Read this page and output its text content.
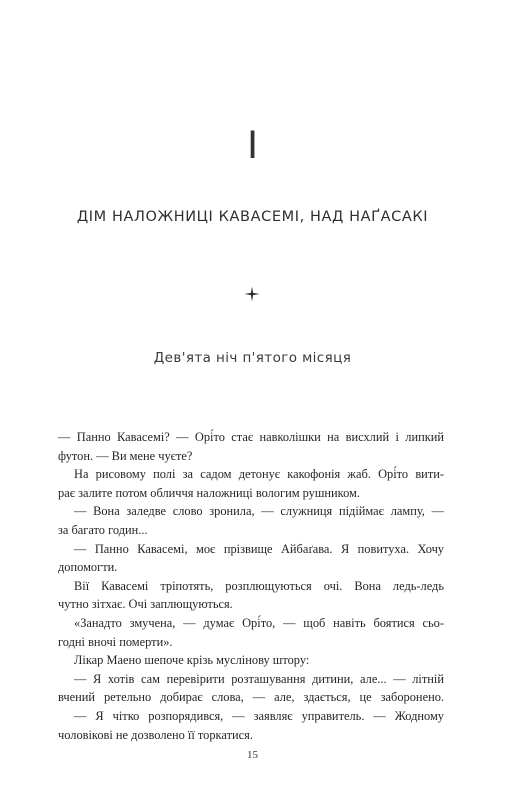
I
ДІМ НАЛОЖНИЦІ КАВАСЕМІ, НАД НАҐАСАКІ
Дев'ята ніч п'ятого місяця
— Панно Кавасемі? — Орі́то стає навколішки на висхлий і липкий
футон. — Ви мене чуєте?
На рисовому полі за садом детонує какофонія жаб. Орі́то вити-
рає залите потом обличчя наложниці вологим рушником.
— Вона заледве слово зронила, — служниця підіймає лампу, —
за багато годин...
— Панно Кавасемі, моє прізвище Айбаґава. Я повитуха. Хочу
допомогти.
Вії Кавасемі тріпотять, розплющуються очі. Вона ледь-ледь
чутно зітхає. Очі заплющуються.
«Занадто змучена, — думає Орі́то, — щоб навіть боятися сьо-
годні вночі померти».
Лікар Маено шепоче крізь муслінову штору:
— Я хотів сам перевірити розташування дитини, але... — літній
вчений ретельно добирає слова, — але, здається, це заборонено.
— Я чітко розпорядився, — заявляє управитель. — Жодному
чоловікові не дозволено її торкатися.
15
